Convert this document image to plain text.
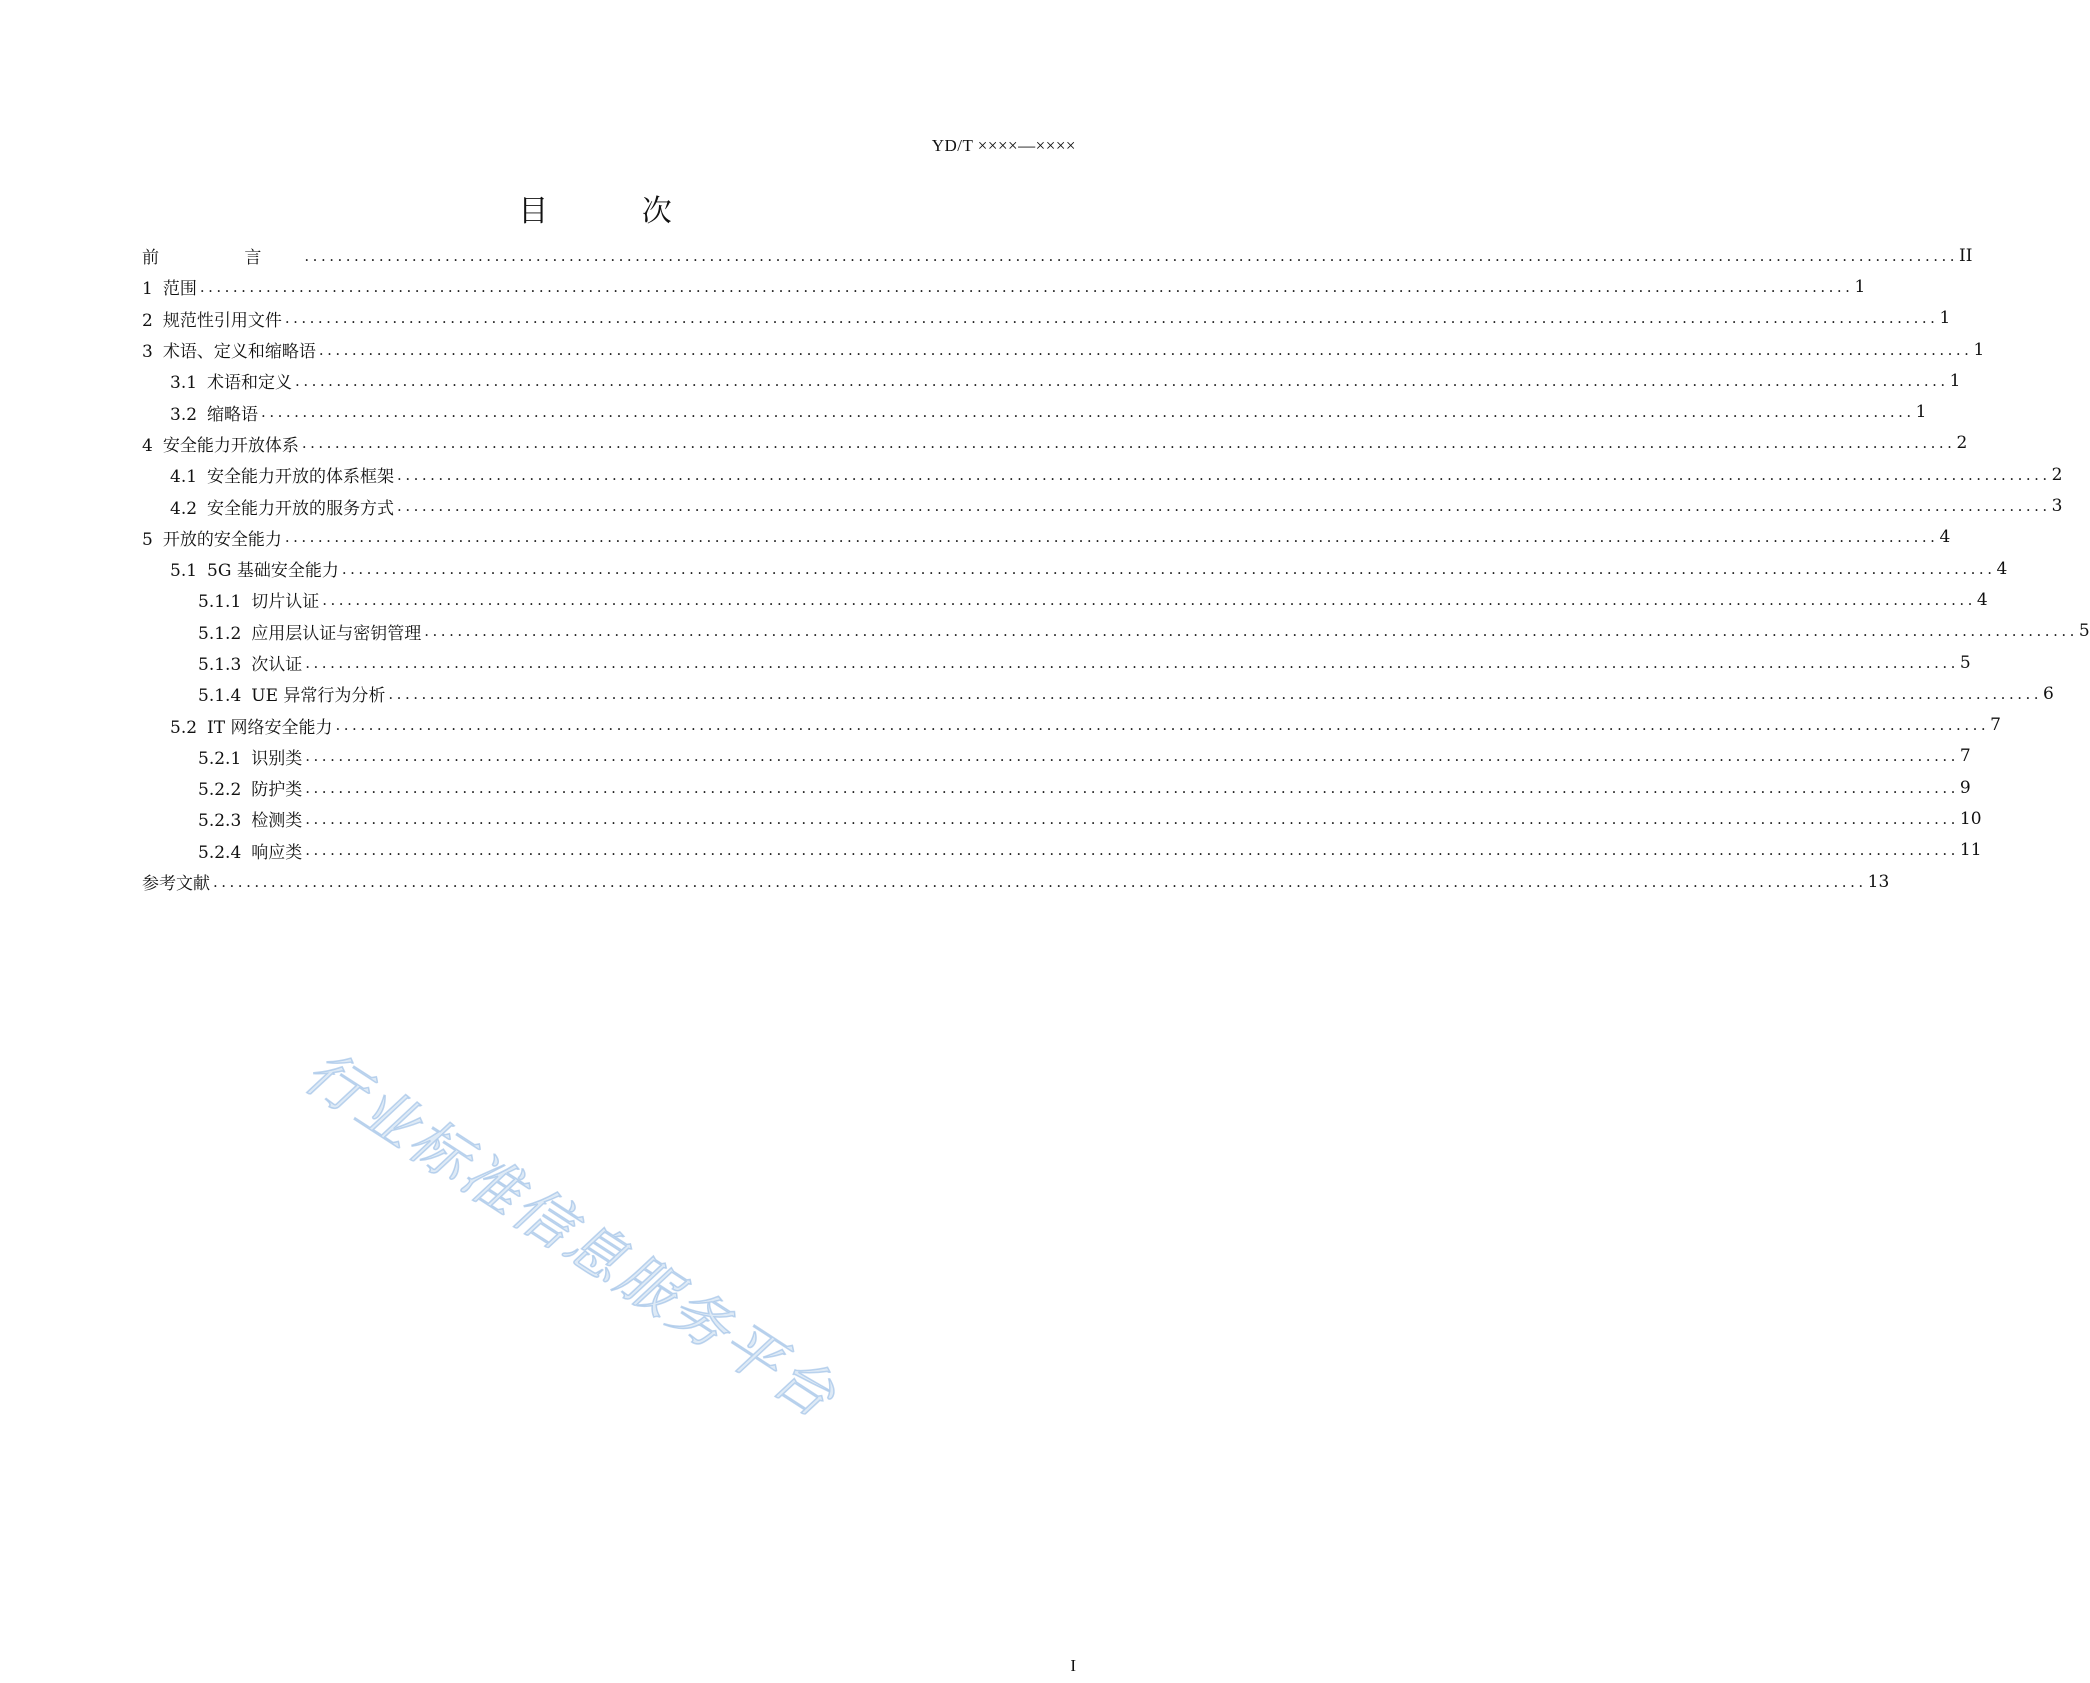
YD/T ××××—××××
目 次
前 言 ........................................................................................................................................................................................................ II
1 范围 ........................................................................................................................................................................................................ 1
2 规范性引用文件 ........................................................................................................................................................................................................ 1
3 术语、定义和缩略语 ........................................................................................................................................................................................................ 1
3.1 术语和定义 ........................................................................................................................................................................................................ 1
3.2 缩略语 ........................................................................................................................................................................................................ 1
4 安全能力开放体系 ........................................................................................................................................................................................................ 2
4.1 安全能力开放的体系框架 ........................................................................................................................................................................................................ 2
4.2 安全能力开放的服务方式 ........................................................................................................................................................................................................ 3
5 开放的安全能力 ........................................................................................................................................................................................................ 4
5.1 5G 基础安全能力 ........................................................................................................................................................................................................ 4
5.1.1 切片认证 ........................................................................................................................................................................................................ 4
5.1.2 应用层认证与密钥管理 ........................................................................................................................................................................................................ 5
5.1.3 次认证 ........................................................................................................................................................................................................ 5
5.1.4 UE 异常行为分析 ........................................................................................................................................................................................................ 6
5.2 IT 网络安全能力 ........................................................................................................................................................................................................ 7
5.2.1 识别类 ........................................................................................................................................................................................................ 7
5.2.2 防护类 ........................................................................................................................................................................................................ 9
5.2.3 检测类 ........................................................................................................................................................................................................ 10
5.2.4 响应类 ........................................................................................................................................................................................................ 11
参考文献 ........................................................................................................................................................................................................ 13
I
行业标准信息服务平台
